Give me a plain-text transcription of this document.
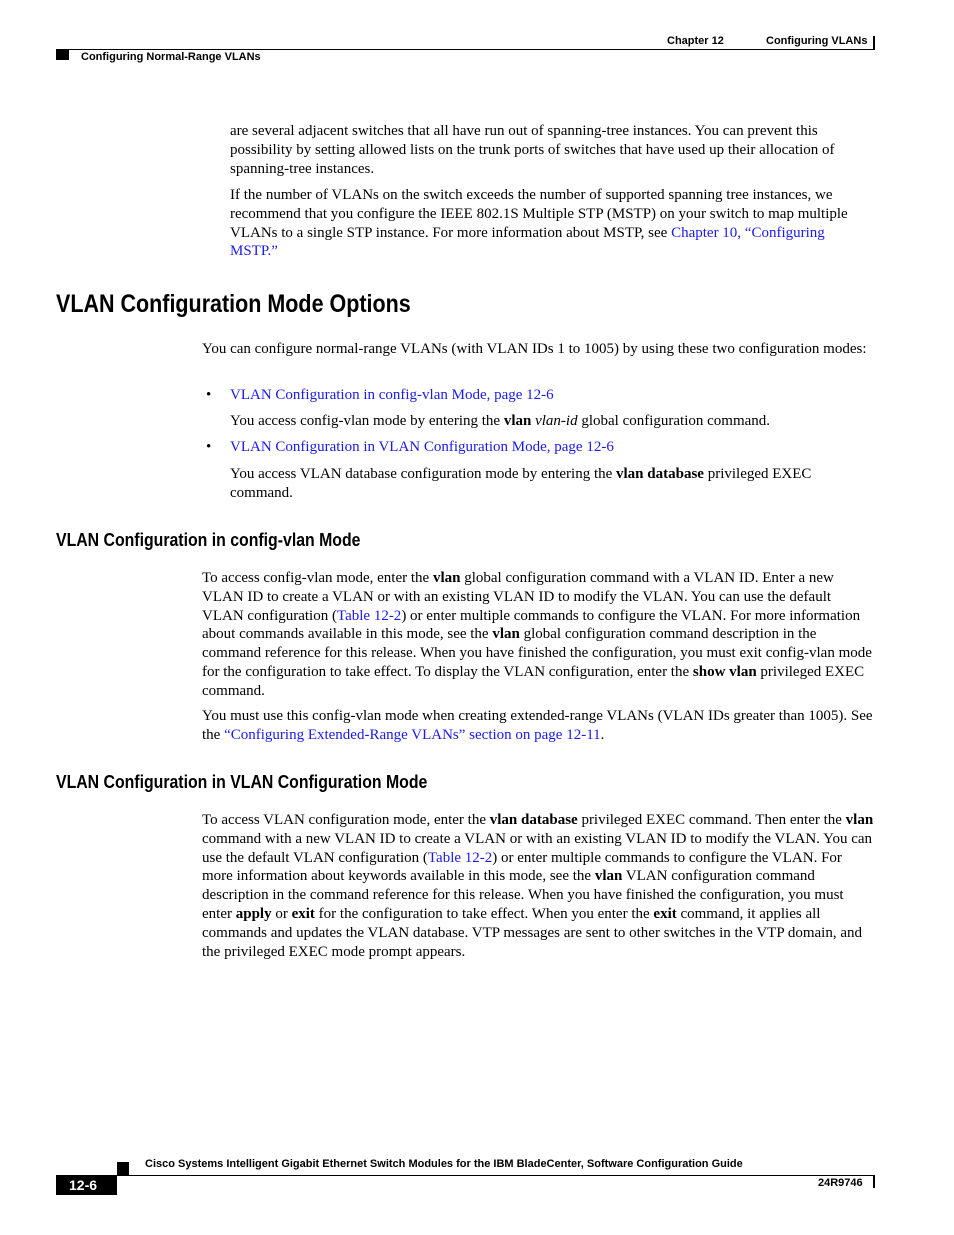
Chapter 12	Configuring VLANs
Configuring Normal-Range VLANs

are several adjacent switches that all have run out of spanning-tree instances. You can prevent this possibility by setting allowed lists on the trunk ports of switches that have used up their allocation of spanning-tree instances.

If the number of VLANs on the switch exceeds the number of supported spanning tree instances, we recommend that you configure the IEEE 802.1S Multiple STP (MSTP) on your switch to map multiple VLANs to a single STP instance. For more information about MSTP, see Chapter 10, “Configuring MSTP.”

VLAN Configuration Mode Options

You can configure normal-range VLANs (with VLAN IDs 1 to 1005) by using these two configuration modes:

• VLAN Configuration in config-vlan Mode, page 12-6
You access config-vlan mode by entering the vlan vlan-id global configuration command.
• VLAN Configuration in VLAN Configuration Mode, page 12-6

You access VLAN database configuration mode by entering the vlan database privileged EXEC command.

VLAN Configuration in config-vlan Mode

To access config-vlan mode, enter the vlan global configuration command with a VLAN ID. Enter a new VLAN ID to create a VLAN or with an existing VLAN ID to modify the VLAN. You can use the default VLAN configuration (Table 12-2) or enter multiple commands to configure the VLAN. For more information about commands available in this mode, see the vlan global configuration command description in the command reference for this release. When you have finished the configuration, you must exit config-vlan mode for the configuration to take effect. To display the VLAN configuration, enter the show vlan privileged EXEC command.

You must use this config-vlan mode when creating extended-range VLANs (VLAN IDs greater than 1005). See the “Configuring Extended-Range VLANs” section on page 12-11.

VLAN Configuration in VLAN Configuration Mode

To access VLAN configuration mode, enter the vlan database privileged EXEC command. Then enter the vlan command with a new VLAN ID to create a VLAN or with an existing VLAN ID to modify the VLAN. You can use the default VLAN configuration (Table 12-2) or enter multiple commands to configure the VLAN. For more information about keywords available in this mode, see the vlan VLAN configuration command description in the command reference for this release. When you have finished the configuration, you must enter apply or exit for the configuration to take effect. When you enter the exit command, it applies all commands and updates the VLAN database. VTP messages are sent to other switches in the VTP domain, and the privileged EXEC mode prompt appears.

Cisco Systems Intelligent Gigabit Ethernet Switch Modules for the IBM BladeCenter, Software Configuration Guide
12-6	24R9746
